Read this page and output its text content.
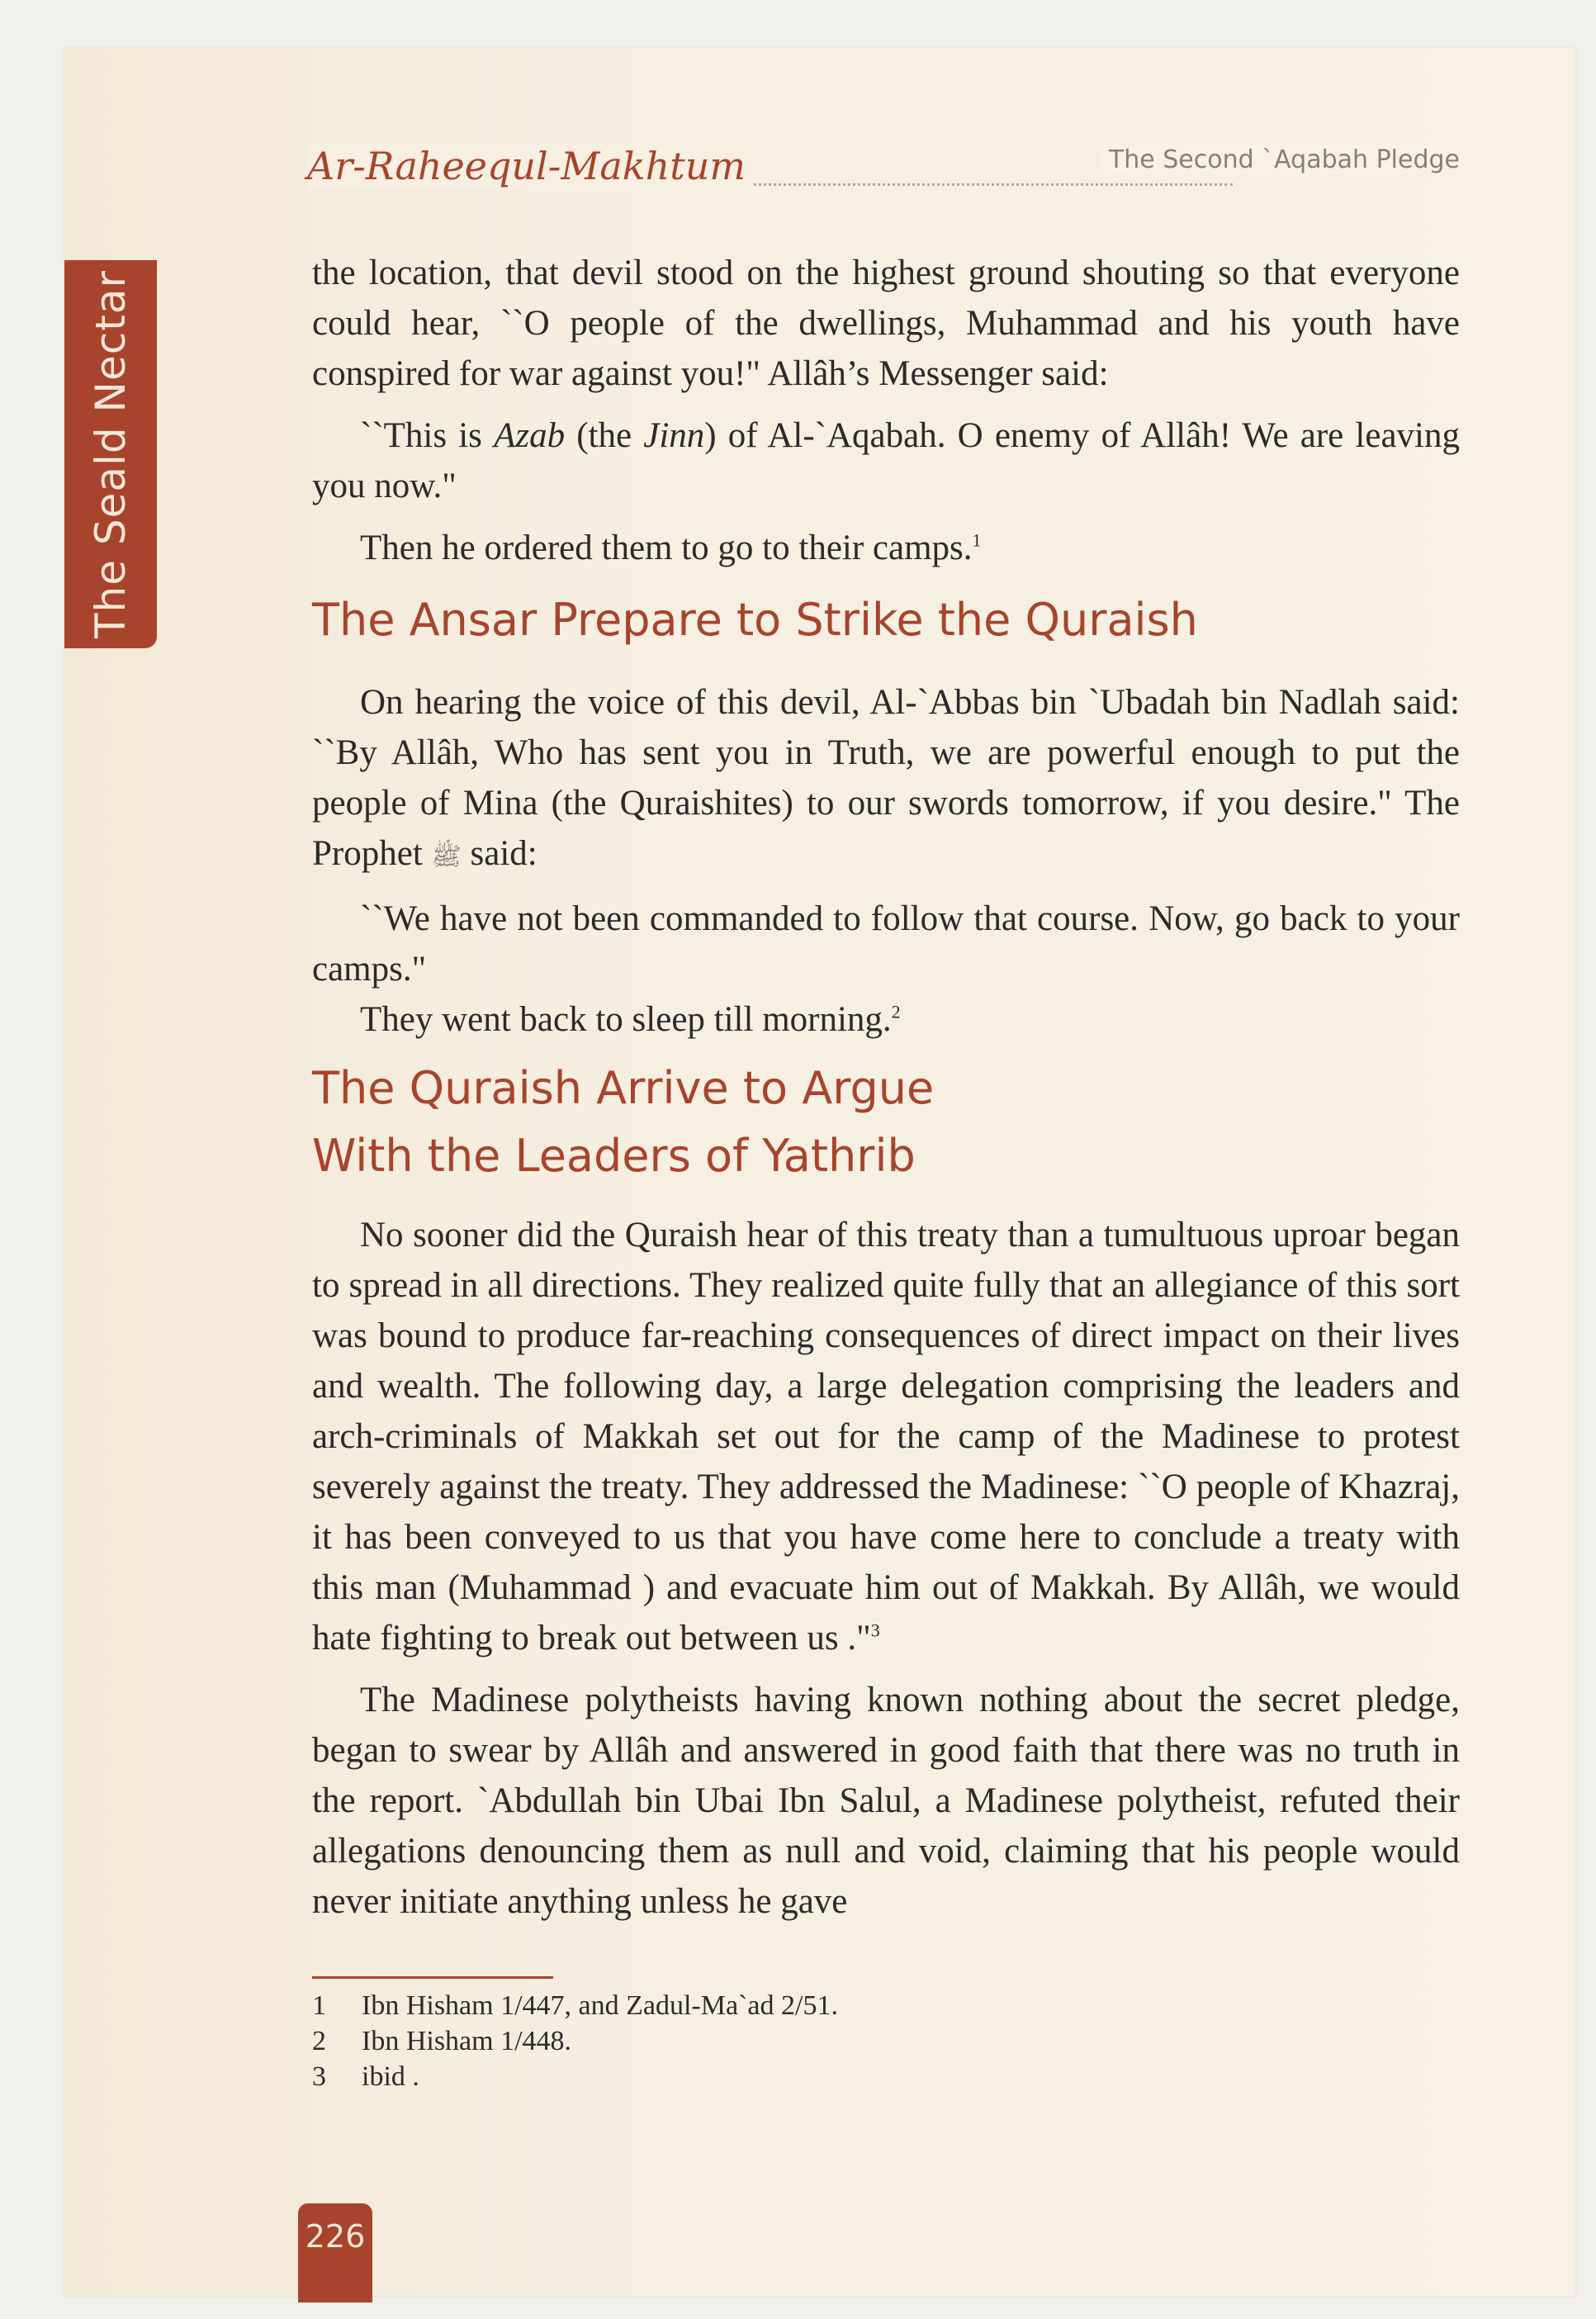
The Seald Nectar
Ar-Raheequl-Makhtum	The Second `Aqabah Pledge

the location, that devil stood on the highest ground shouting so that everyone could hear, ``O people of the dwellings, Muhammad and his youth have conspired for war against you!" Allâh’s Messenger said:

``This is Azab (the Jinn) of Al-`Aqabah. O enemy of Allâh! We are leaving you now."

Then he ordered them to go to their camps.$^1$

The Ansar Prepare to Strike the Quraish

On hearing the voice of this devil, Al-`Abbas bin `Ubadah bin Nadlah said: ``By Allâh, Who has sent you in Truth, we are powerful enough to put the people of Mina (the Quraishites) to our swords tomorrow, if you desire." The Prophet ﷺ said:

``We have not been commanded to follow that course. Now, go back to your camps."

They went back to sleep till morning.$^2$

The Quraish Arrive to Argue
With the Leaders of Yathrib

No sooner did the Quraish hear of this treaty than a tumultuous uproar began to spread in all directions. They realized quite fully that an allegiance of this sort was bound to produce far-reaching consequences of direct impact on their lives and wealth. The following day, a large delegation comprising the leaders and arch-criminals of Makkah set out for the camp of the Madinese to protest severely against the treaty. They addressed the Madinese: ``O people of Khazraj, it has been conveyed to us that you have come here to conclude a treaty with this man (Muhammad ) and evacuate him out of Makkah. By Allâh, we would hate fighting to break out between us ."$^3$

The Madinese polytheists having known nothing about the secret pledge, began to swear by Allâh and answered in good faith that there was no truth in the report. `Abdullah bin Ubai Ibn Salul, a Madinese polytheist, refuted their allegations denouncing them as null and void, claiming that his people would never initiate anything unless he gave

1 Ibn Hisham 1/447, and Zadul-Ma`ad 2/51.
2 Ibn Hisham 1/448.
3 ibid .
226
